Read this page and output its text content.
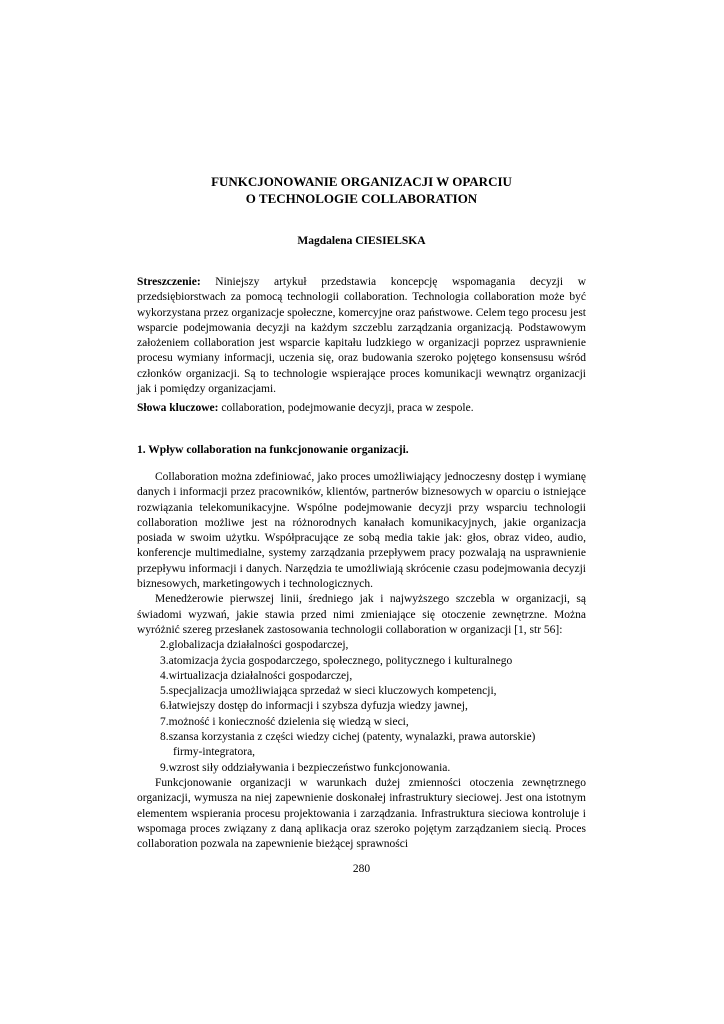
FUNKCJONOWANIE ORGANIZACJI W OPARCIU
O TECHNOLOGIE COLLABORATION
Magdalena CIESIELSKA
Streszczenie: Niniejszy artykuł przedstawia koncepcję wspomagania decyzji w przedsiębiorstwach za pomocą technologii collaboration. Technologia collaboration może być wykorzystana przez organizacje społeczne, komercyjne oraz państwowe. Celem tego procesu jest wsparcie podejmowania decyzji na każdym szczeblu zarządzania organizacją. Podstawowym założeniem collaboration jest wsparcie kapitału ludzkiego w organizacji poprzez usprawnienie procesu wymiany informacji, uczenia się, oraz budowania szeroko pojętego konsensusu wśród członków organizacji. Są to technologie wspierające proces komunikacji wewnątrz organizacji jak i pomiędzy organizacjami.
Słowa kluczowe: collaboration, podejmowanie decyzji, praca w zespole.
1. Wpływ collaboration na funkcjonowanie organizacji.

Collaboration można zdefiniować, jako proces umożliwiający jednoczesny dostęp i wymianę danych i informacji przez pracowników, klientów, partnerów biznesowych w oparciu o istniejące rozwiązania telekomunikacyjne. Wspólne podejmowanie decyzji przy wsparciu technologii collaboration możliwe jest na różnorodnych kanałach komunikacyjnych, jakie organizacja posiada w swoim użytku. Współpracujące ze sobą media takie jak: głos, obraz video, audio, konferencje multimedialne, systemy zarządzania przepływem pracy pozwalają na usprawnienie przepływu informacji i danych. Narzędzia te umożliwiają skrócenie czasu podejmowania decyzji biznesowych, marketingowych i technologicznych.

Menedżerowie pierwszej linii, średniego jak i najwyższego szczebla w organizacji, są świadomi wyzwań, jakie stawia przed nimi zmieniające się otoczenie zewnętrzne. Można wyróżnić szereg przesłanek zastosowania technologii collaboration w organizacji [1, str 56]:

2.globalizacja działalności gospodarczej,
3.atomizacja życia gospodarczego, społecznego, politycznego i kulturalnego
4.wirtualizacja działalności gospodarczej,
5.specjalizacja umożliwiająca sprzedaż w sieci kluczowych kompetencji,
6.łatwiejszy dostęp do informacji i szybsza dyfuzja wiedzy jawnej,
7.możność i konieczność dzielenia się wiedzą w sieci,
8.szansa korzystania z części wiedzy cichej (patenty, wynalazki, prawa autorskie)
firmy-integratora,
9.wzrost siły oddziaływania i bezpieczeństwo funkcjonowania.

Funkcjonowanie organizacji w warunkach dużej zmienności otoczenia zewnętrznego organizacji, wymusza na niej zapewnienie doskonałej infrastruktury sieciowej. Jest ona istotnym elementem wspierania procesu projektowania i zarządzania. Infrastruktura sieciowa kontroluje i wspomaga proces związany z daną aplikacja oraz szeroko pojętym zarządzaniem siecią. Proces collaboration pozwala na zapewnienie bieżącej sprawności

280
